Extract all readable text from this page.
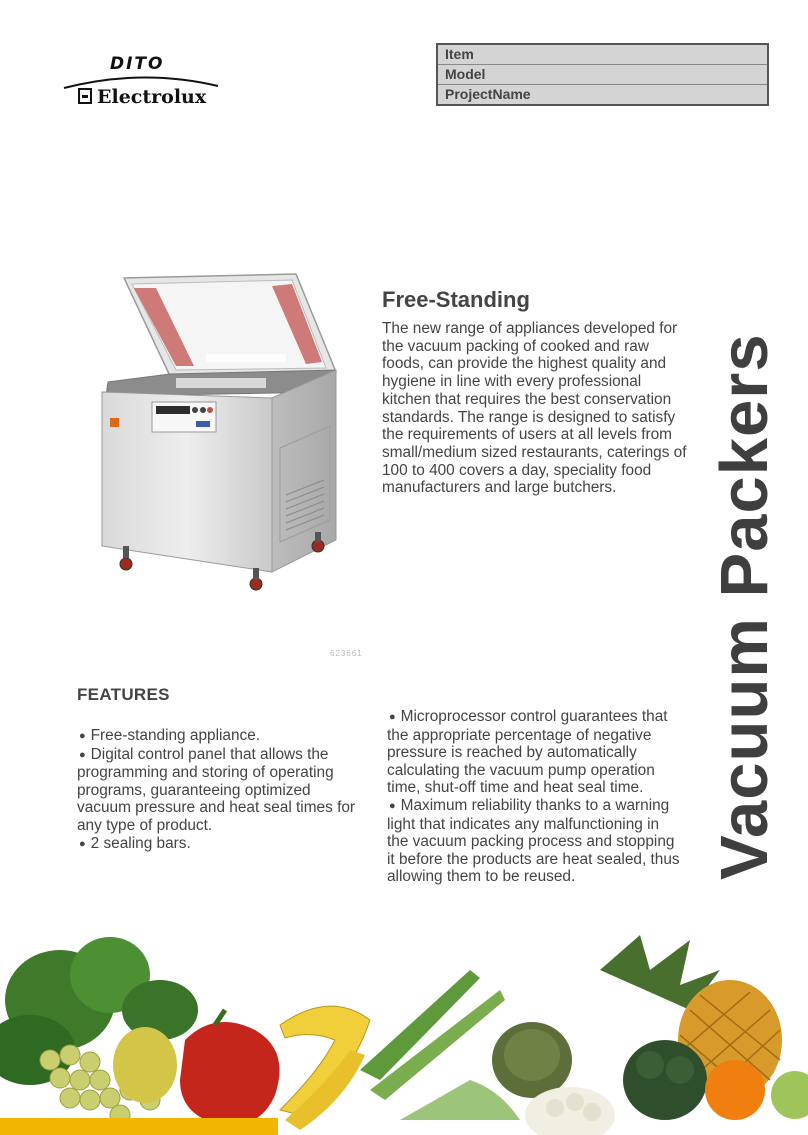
DITO
Electrolux
Item
Model
ProjectName
623661
Free-Standing

The new range of appliances developed for the vacuum packing of cooked and raw foods, can provide the highest quality and hygiene in line with every professional kitchen that requires the best conservation standards. The range is designed to satisfy the requirements of users at all levels from small/medium sized restaurants, caterings of 100 to 400 covers a day, speciality food manufacturers and large butchers.	Vacuum Packers
FEATURES
● Free-standing appliance.
● Digital control panel that allows the programming and storing of operating programs, guaranteeing optimized vacuum pressure and heat seal times for any type of product.
● 2 sealing bars.
● Microprocessor control guarantees that the appropriate percentage of negative pressure is reached by automatically calculating the vacuum pump operation time, shut-off time and heat seal time.
● Maximum reliability thanks to a warning light that indicates any malfunctioning in the vacuum packing process and stopping it before the products are heat sealed, thus allowing them to be reused.
